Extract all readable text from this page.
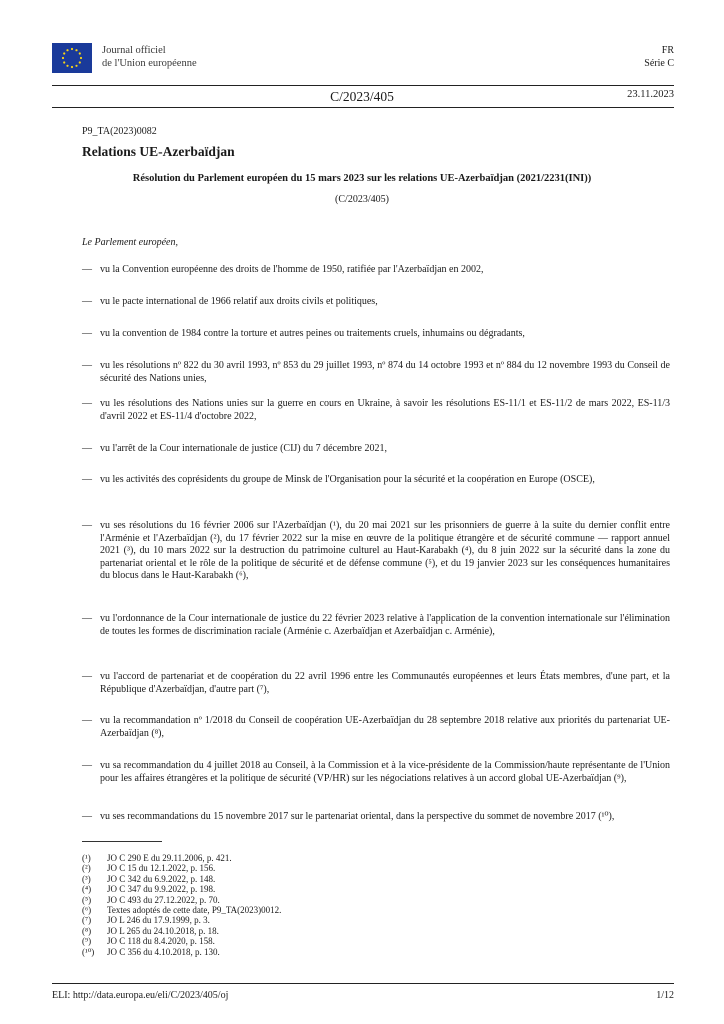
Journal officiel
de l'Union européenne
FR
Série C
C/2023/405	23.11.2023
P9_TA(2023)0082
Relations UE-Azerbaïdjan
Résolution du Parlement européen du 15 mars 2023 sur les relations UE-Azerbaïdjan (2021/2231(INI))
(C/2023/405)
Le Parlement européen,
— vu la Convention européenne des droits de l'homme de 1950, ratifiée par l'Azerbaïdjan en 2002,
— vu le pacte international de 1966 relatif aux droits civils et politiques,
— vu la convention de 1984 contre la torture et autres peines ou traitements cruels, inhumains ou dégradants,
— vu les résolutions nº 822 du 30 avril 1993, nº 853 du 29 juillet 1993, nº 874 du 14 octobre 1993 et nº 884 du 12 novembre 1993 du Conseil de sécurité des Nations unies,
— vu les résolutions des Nations unies sur la guerre en cours en Ukraine, à savoir les résolutions ES-11/1 et ES-11/2 de mars 2022, ES-11/3 d'avril 2022 et ES-11/4 d'octobre 2022,
— vu l'arrêt de la Cour internationale de justice (CIJ) du 7 décembre 2021,
— vu les activités des coprésidents du groupe de Minsk de l'Organisation pour la sécurité et la coopération en Europe (OSCE),
— vu ses résolutions du 16 février 2006 sur l'Azerbaïdjan (¹), du 20 mai 2021 sur les prisonniers de guerre à la suite du dernier conflit entre l'Arménie et l'Azerbaïdjan (²), du 17 février 2022 sur la mise en œuvre de la politique étrangère et de sécurité commune — rapport annuel 2021 (³), du 10 mars 2022 sur la destruction du patrimoine culturel au Haut-Karabakh (⁴), du 8 juin 2022 sur la sécurité dans la zone du partenariat oriental et le rôle de la politique de sécurité et de défense commune (⁵), et du 19 janvier 2023 sur les conséquences humanitaires du blocus dans le Haut-Karabakh (⁶),
— vu l'ordonnance de la Cour internationale de justice du 22 février 2023 relative à l'application de la convention internationale sur l'élimination de toutes les formes de discrimination raciale (Arménie c. Azerbaïdjan et Azerbaïdjan c. Arménie),
— vu l'accord de partenariat et de coopération du 22 avril 1996 entre les Communautés européennes et leurs États membres, d'une part, et la République d'Azerbaïdjan, d'autre part (⁷),
— vu la recommandation nº 1/2018 du Conseil de coopération UE-Azerbaïdjan du 28 septembre 2018 relative aux priorités du partenariat UE-Azerbaïdjan (⁸),
— vu sa recommandation du 4 juillet 2018 au Conseil, à la Commission et à la vice-présidente de la Commission/haute représentante de l'Union pour les affaires étrangères et la politique de sécurité (VP/HR) sur les négociations relatives à un accord global UE-Azerbaïdjan (⁹),
— vu ses recommandations du 15 novembre 2017 sur le partenariat oriental, dans la perspective du sommet de novembre 2017 (¹⁰),
(¹)	JO C 290 E du 29.11.2006, p. 421.
(²)	JO C 15 du 12.1.2022, p. 156.
(³)	JO C 342 du 6.9.2022, p. 148.
(⁴)	JO C 347 du 9.9.2022, p. 198.
(⁵)	JO C 493 du 27.12.2022, p. 70.
(⁶)	Textes adoptés de cette date, P9_TA(2023)0012.
(⁷)	JO L 246 du 17.9.1999, p. 3.
(⁸)	JO L 265 du 24.10.2018, p. 18.
(⁹)	JO C 118 du 8.4.2020, p. 158.
(¹⁰)	JO C 356 du 4.10.2018, p. 130.
ELI: http://data.europa.eu/eli/C/2023/405/oj	1/12
